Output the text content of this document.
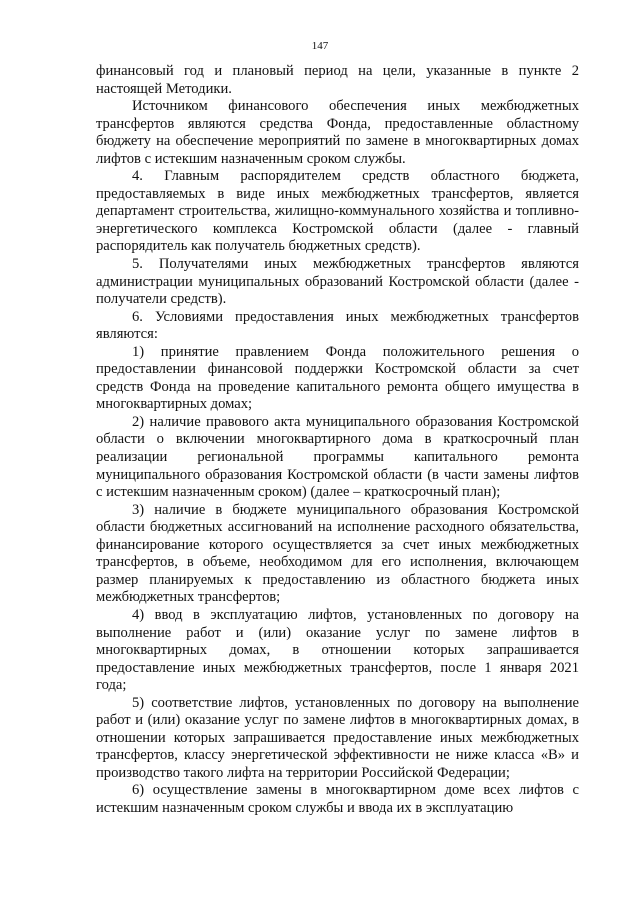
147

финансовый год и плановый период на цели, указанные в пункте 2 настоящей Методики.

Источником финансового обеспечения иных межбюджетных трансфертов являются средства Фонда, предоставленные областному бюджету на обеспечение мероприятий по замене в многоквартирных домах лифтов с истекшим назначенным сроком службы.

4. Главным распорядителем средств областного бюджета, предоставляемых в виде иных межбюджетных трансфертов, является департамент строительства, жилищно-коммунального хозяйства и топливно-энергетического комплекса Костромской области (далее - главный распорядитель как получатель бюджетных средств).

5. Получателями иных межбюджетных трансфертов являются администрации муниципальных образований Костромской области (далее - получатели средств).

6. Условиями предоставления иных межбюджетных трансфертов являются:

1) принятие правлением Фонда положительного решения о предоставлении финансовой поддержки Костромской области за счет средств Фонда на проведение капитального ремонта общего имущества в многоквартирных домах;

2) наличие правового акта муниципального образования Костромской области о включении многоквартирного дома в краткосрочный план реализации региональной программы капитального ремонта муниципального образования Костромской области (в части замены лифтов с истекшим назначенным сроком) (далее – краткосрочный план);

3) наличие в бюджете муниципального образования Костромской области бюджетных ассигнований на исполнение расходного обязательства, финансирование которого осуществляется за счет иных межбюджетных трансфертов, в объеме, необходимом для его исполнения, включающем размер планируемых к предоставлению из областного бюджета иных межбюджетных трансфертов;

4) ввод в эксплуатацию лифтов, установленных по договору на выполнение работ и (или) оказание услуг по замене лифтов в многоквартирных домах, в отношении которых запрашивается предоставление иных межбюджетных трансфертов, после 1 января 2021 года;

5) соответствие лифтов, установленных по договору на выполнение работ и (или) оказание услуг по замене лифтов в многоквартирных домах, в отношении которых запрашивается предоставление иных межбюджетных трансфертов, классу энергетической эффективности не ниже класса «B» и производство такого лифта на территории Российской Федерации;

6) осуществление замены в многоквартирном доме всех лифтов с истекшим назначенным сроком службы и ввода их в эксплуатацию
